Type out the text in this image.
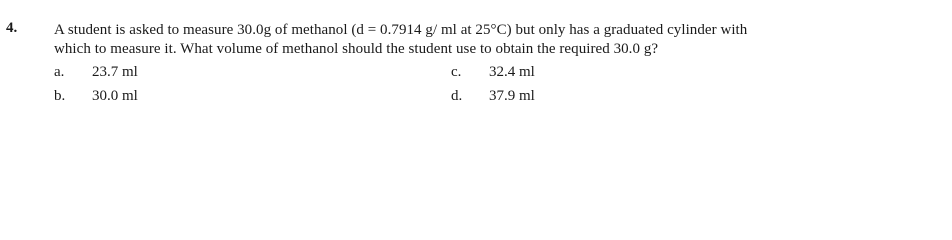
4. A student is asked to measure 30.0g of methanol (d = 0.7914 g/ ml at 25°C) but only has a graduated cylinder with
which to measure it. What volume of methanol should the student use to obtain the required 30.0 g?
a. 23.7 ml
b. 30.0 ml
c. 32.4 ml
d. 37.9 ml
